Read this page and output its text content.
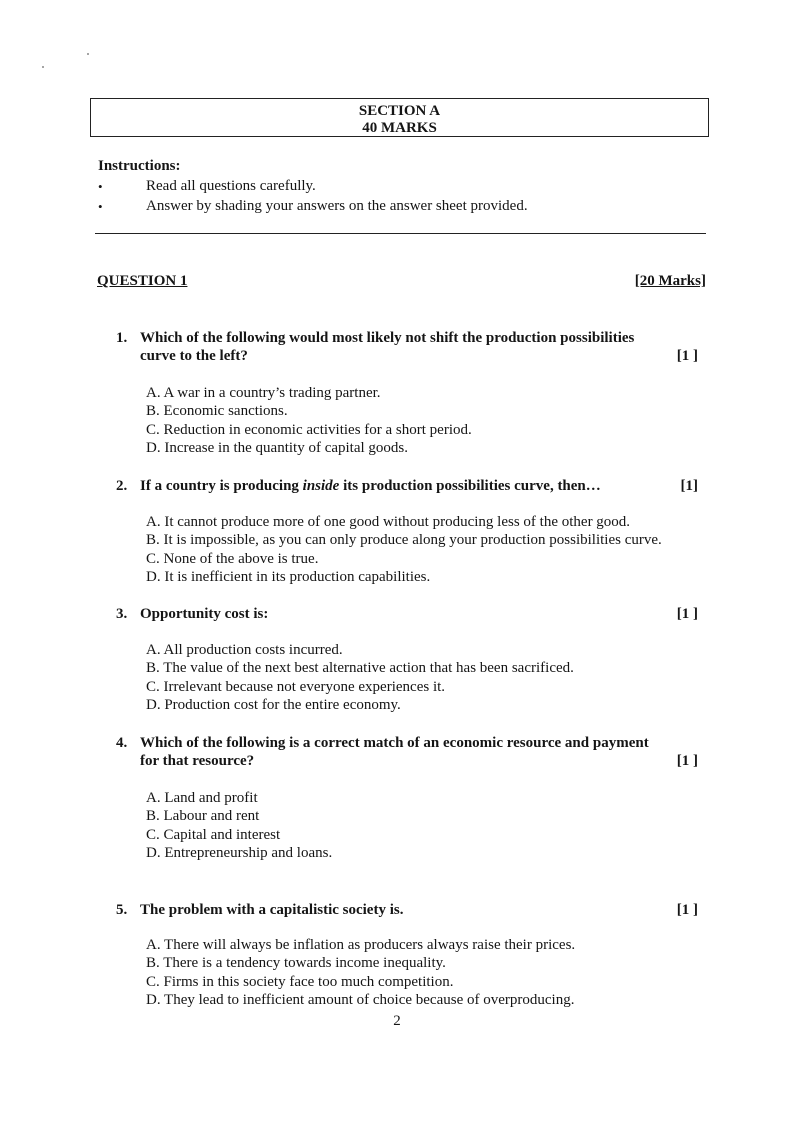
SECTION A
40 MARKS
Instructions:
•	Read all questions carefully.
•	Answer by shading your answers on the answer sheet provided.
QUESTION 1	[20 Marks]
1. Which of the following would most likely not shift the production possibilities
curve to the left?	[1 ]
A. A war in a country’s trading partner.
B. Economic sanctions.
C. Reduction in economic activities for a short period.
D. Increase in the quantity of capital goods.
2. If a country is producing inside its production possibilities curve, then…	[1]
A. It cannot produce more of one good without producing less of the other good.
B. It is impossible, as you can only produce along your production possibilities curve.
C. None of the above is true.
D. It is inefficient in its production capabilities.
3. Opportunity cost is:	[1 ]
A. All production costs incurred.
B. The value of the next best alternative action that has been sacrificed.
C. Irrelevant because not everyone experiences it.
D. Production cost for the entire economy.
4. Which of the following is a correct match of an economic resource and payment
for that resource?	[1 ]
A. Land and profit
B. Labour and rent
C. Capital and interest
D. Entrepreneurship and loans.
5. The problem with a capitalistic society is.	[1 ]
A. There will always be inflation as producers always raise their prices.
B. There is a tendency towards income inequality.
C. Firms in this society face too much competition.
D. They lead to inefficient amount of choice because of overproducing.
2
